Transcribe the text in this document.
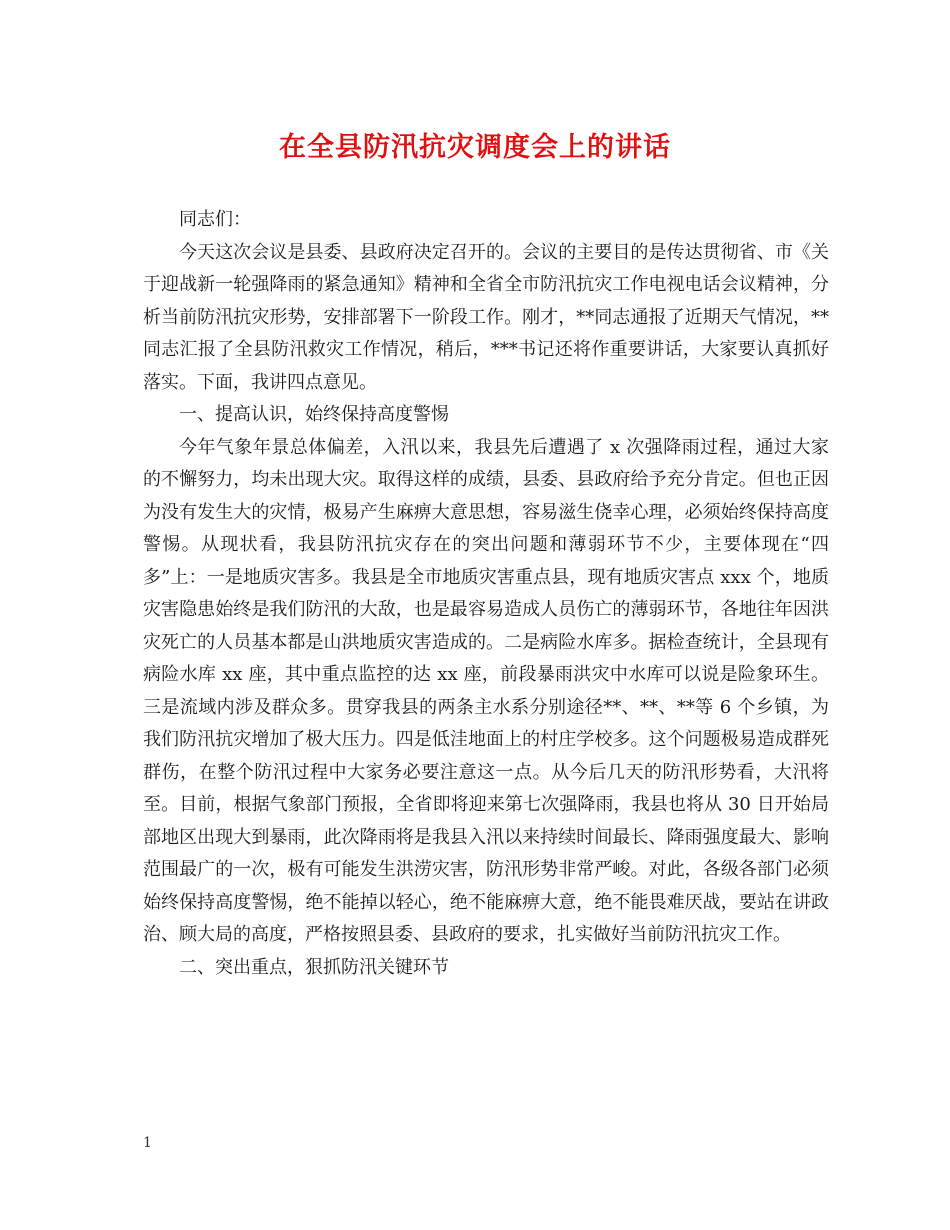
在全县防汛抗灾调度会上的讲话

同志们：

今天这次会议是县委、县政府决定召开的。会议的主要目的是传达贯彻省、市《关于迎战新一轮强降雨的紧急通知》精神和全省全市防汛抗灾工作电视电话会议精神，分析当前防汛抗灾形势，安排部署下一阶段工作。刚才，**同志通报了近期天气情况，**同志汇报了全县防汛救灾工作情况，稍后，***书记还将作重要讲话，大家要认真抓好落实。下面，我讲四点意见。

一、提高认识，始终保持高度警惕

今年气象年景总体偏差，入汛以来，我县先后遭遇了 x 次强降雨过程，通过大家的不懈努力，均未出现大灾。取得这样的成绩，县委、县政府给予充分肯定。但也正因为没有发生大的灾情，极易产生麻痹大意思想，容易滋生侥幸心理，必须始终保持高度警惕。从现状看，我县防汛抗灾存在的突出问题和薄弱环节不少，主要体现在“四多”上：一是地质灾害多。我县是全市地质灾害重点县，现有地质灾害点 xxx 个，地质灾害隐患始终是我们防汛的大敌，也是最容易造成人员伤亡的薄弱环节，各地往年因洪灾死亡的人员基本都是山洪地质灾害造成的。二是病险水库多。据检查统计，全县现有病险水库 xx 座，其中重点监控的达 xx 座，前段暴雨洪灾中水库可以说是险象环生。三是流域内涉及群众多。贯穿我县的两条主水系分别途径**、**、**等 6 个乡镇，为我们防汛抗灾增加了极大压力。四是低洼地面上的村庄学校多。这个问题极易造成群死群伤，在整个防汛过程中大家务必要注意这一点。从今后几天的防汛形势看，大汛将至。目前，根据气象部门预报，全省即将迎来第七次强降雨，我县也将从 30 日开始局部地区出现大到暴雨，此次降雨将是我县入汛以来持续时间最长、降雨强度最大、影响范围最广的一次，极有可能发生洪涝灾害，防汛形势非常严峻。对此，各级各部门必须始终保持高度警惕，绝不能掉以轻心，绝不能麻痹大意，绝不能畏难厌战，要站在讲政治、顾大局的高度，严格按照县委、县政府的要求，扎实做好当前防汛抗灾工作。

二、突出重点，狠抓防汛关键环节

1
